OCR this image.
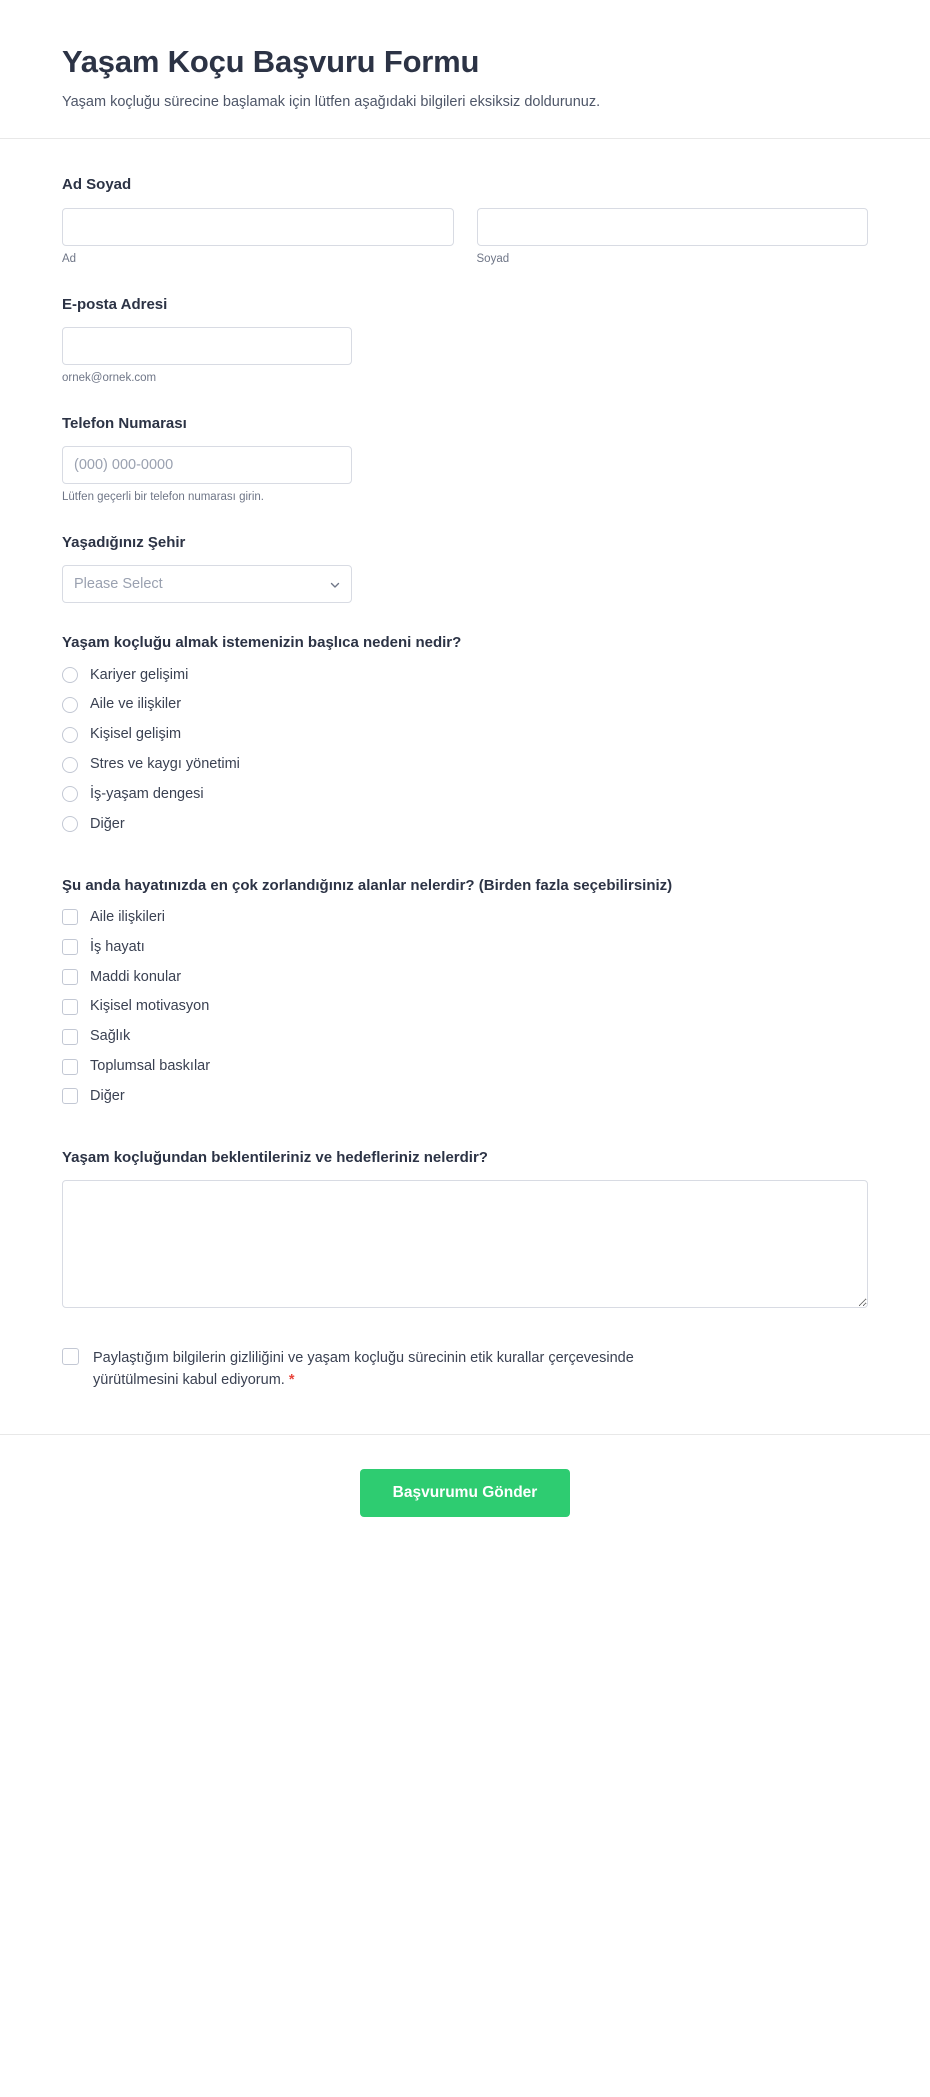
Yaşam Koçu Başvuru Formu

Yaşam koçluğu sürecine başlamak için lütfen aşağıdaki bilgileri eksiksiz doldurunuz.

Ad Soyad
Ad	Soyad
E-posta Adresi
ornek@ornek.com
Telefon Numarası
(000) 000-0000
Lütfen geçerli bir telefon numarası girin.
Yaşadığınız Şehir
Please Select
Yaşam koçluğu almak istemenizin başlıca nedeni nedir?
Kariyer gelişimi
Aile ve ilişkiler
Kişisel gelişim
Stres ve kaygı yönetimi
İş-yaşam dengesi
Diğer
Şu anda hayatınızda en çok zorlandığınız alanlar nelerdir? (Birden fazla seçebilirsiniz)
Aile ilişkileri
İş hayatı
Maddi konular
Kişisel motivasyon
Sağlık
Toplumsal baskılar
Diğer
Yaşam koçluğundan beklentileriniz ve hedefleriniz nelerdir?
Paylaştığım bilgilerin gizliliğini ve yaşam koçluğu sürecinin etik kurallar çerçevesinde yürütülmesini kabul ediyorum. *
Başvurumu Gönder
